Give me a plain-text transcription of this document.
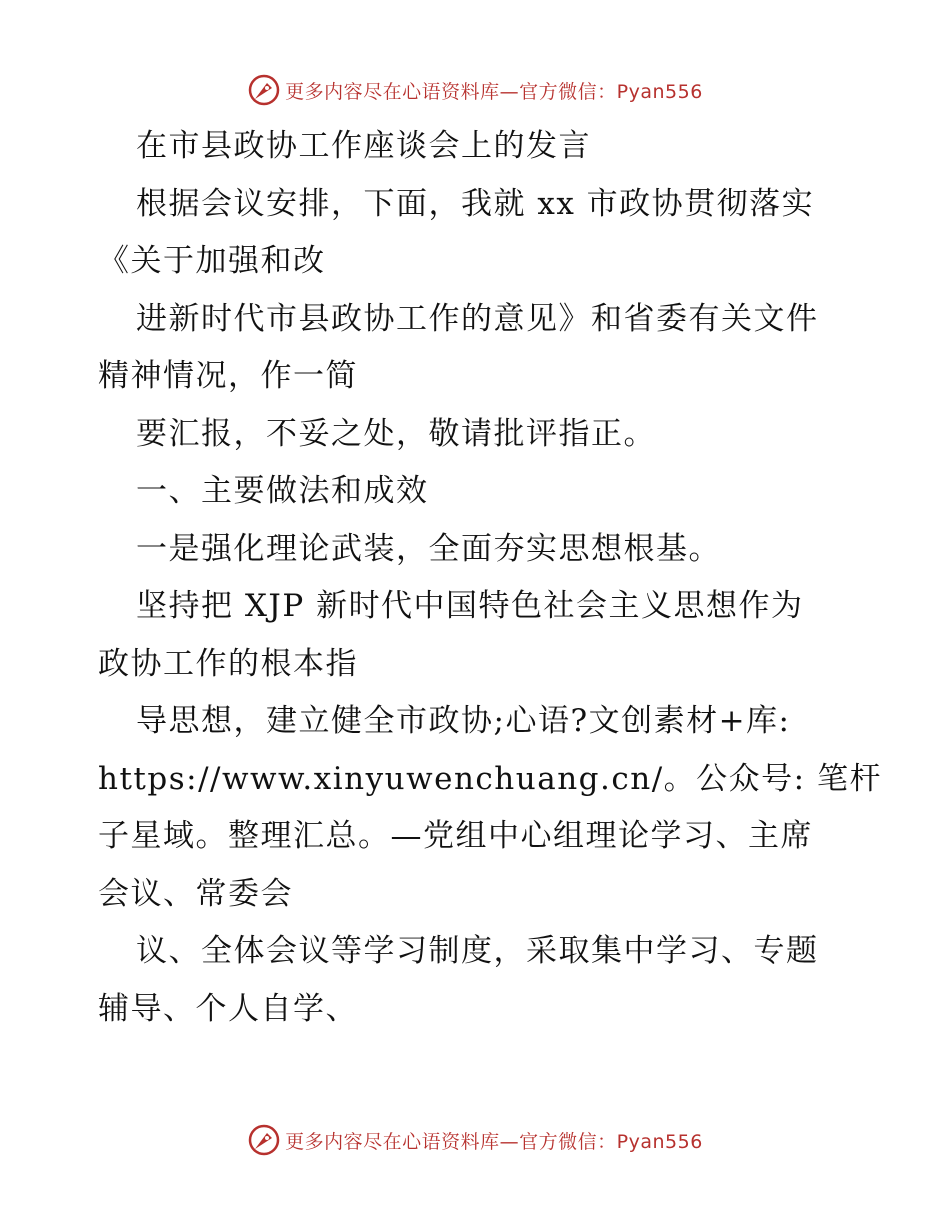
更多内容尽在心语资料库—官方微信：Pyan556

在市县政协工作座谈会上的发言

根据会议安排，下面，我就 xx 市政协贯彻落实

《关于加强和改

进新时代市县政协工作的意见》和省委有关文件

精神情况，作一简

要汇报，不妥之处，敬请批评指正。

一、主要做法和成效

一是强化理论武装，全面夯实思想根基。

坚持把 XJP 新时代中国特色社会主义思想作为

政协工作的根本指

导思想，建立健全市政协;心语?文创素材+库:

https://www.xinyuwenchuang.cn/。公众号: 笔杆

子星域。整理汇总。—党组中心组理论学习、主席

会议、常委会

议、全体会议等学习制度，采取集中学习、专题

辅导、个人自学、

更多内容尽在心语资料库—官方微信：Pyan556
